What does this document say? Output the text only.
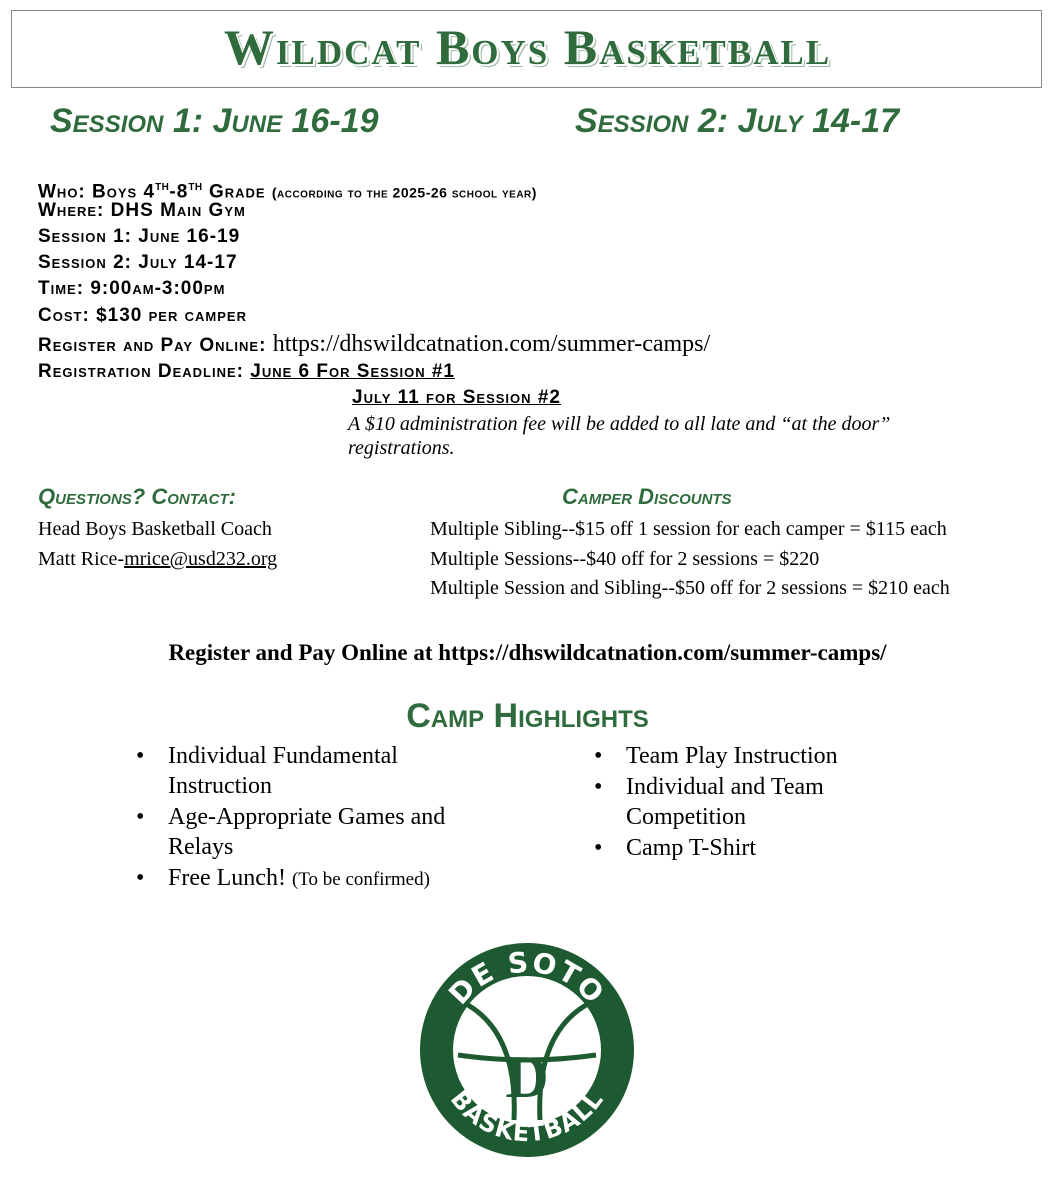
Wildcat Boys Basketball
Session 1: June 16-19	Session 2: July 14-17
Who: Boys 4th-8th Grade (according to the 2025-26 school year)
Where: DHS Main Gym
Session 1: June 16-19
Session 2: July 14-17
Time: 9:00am-3:00pm
Cost: $130 per camper
Register and Pay Online: https://dhswildcatnation.com/summer-camps/
Registration Deadline: June 6 For Session #1
July 11 for Session #2
A $10 administration fee will be added to all late and “at the door” registrations.
Questions? Contact:
Head Boys Basketball Coach
Matt Rice-mrice@usd232.org
Camper Discounts
Multiple Sibling--$15 off 1 session for each camper = $115 each
Multiple Sessions--$40 off for 2 sessions = $220
Multiple Session and Sibling--$50 off for 2 sessions = $210 each
Register and Pay Online at https://dhswildcatnation.com/summer-camps/
Camp Highlights
• Individual Fundamental Instruction
• Age-Appropriate Games and Relays
• Free Lunch! (To be confirmed)
• Team Play Instruction
• Individual and Team Competition
• Camp T-Shirt
D
DE SOTO
BASKETBALL
